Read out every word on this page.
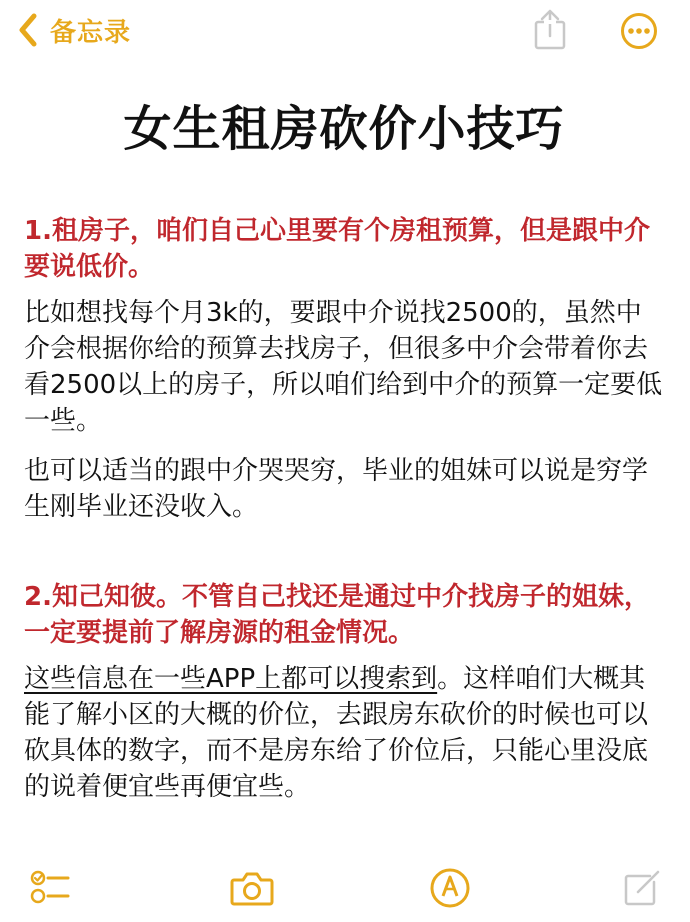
备忘录
女生租房砍价小技巧
1.租房子，咱们自己心里要有个房租预算，但是跟中介要说低价。
比如想找每个月3k的，要跟中介说找2500的，虽然中介会根据你给的预算去找房子，但很多中介会带着你去看2500以上的房子，所以咱们给到中介的预算一定要低一些。
也可以适当的跟中介哭哭穷，毕业的姐妹可以说是穷学生刚毕业还没收入。
2.知己知彼。不管自己找还是通过中介找房子的姐妹，一定要提前了解房源的租金情况。
这些信息在一些APP上都可以搜索到。这样咱们大概其能了解小区的大概的价位，去跟房东砍价的时候也可以砍具体的数字，而不是房东给了价位后，只能心里没底的说着便宜些再便宜些。
